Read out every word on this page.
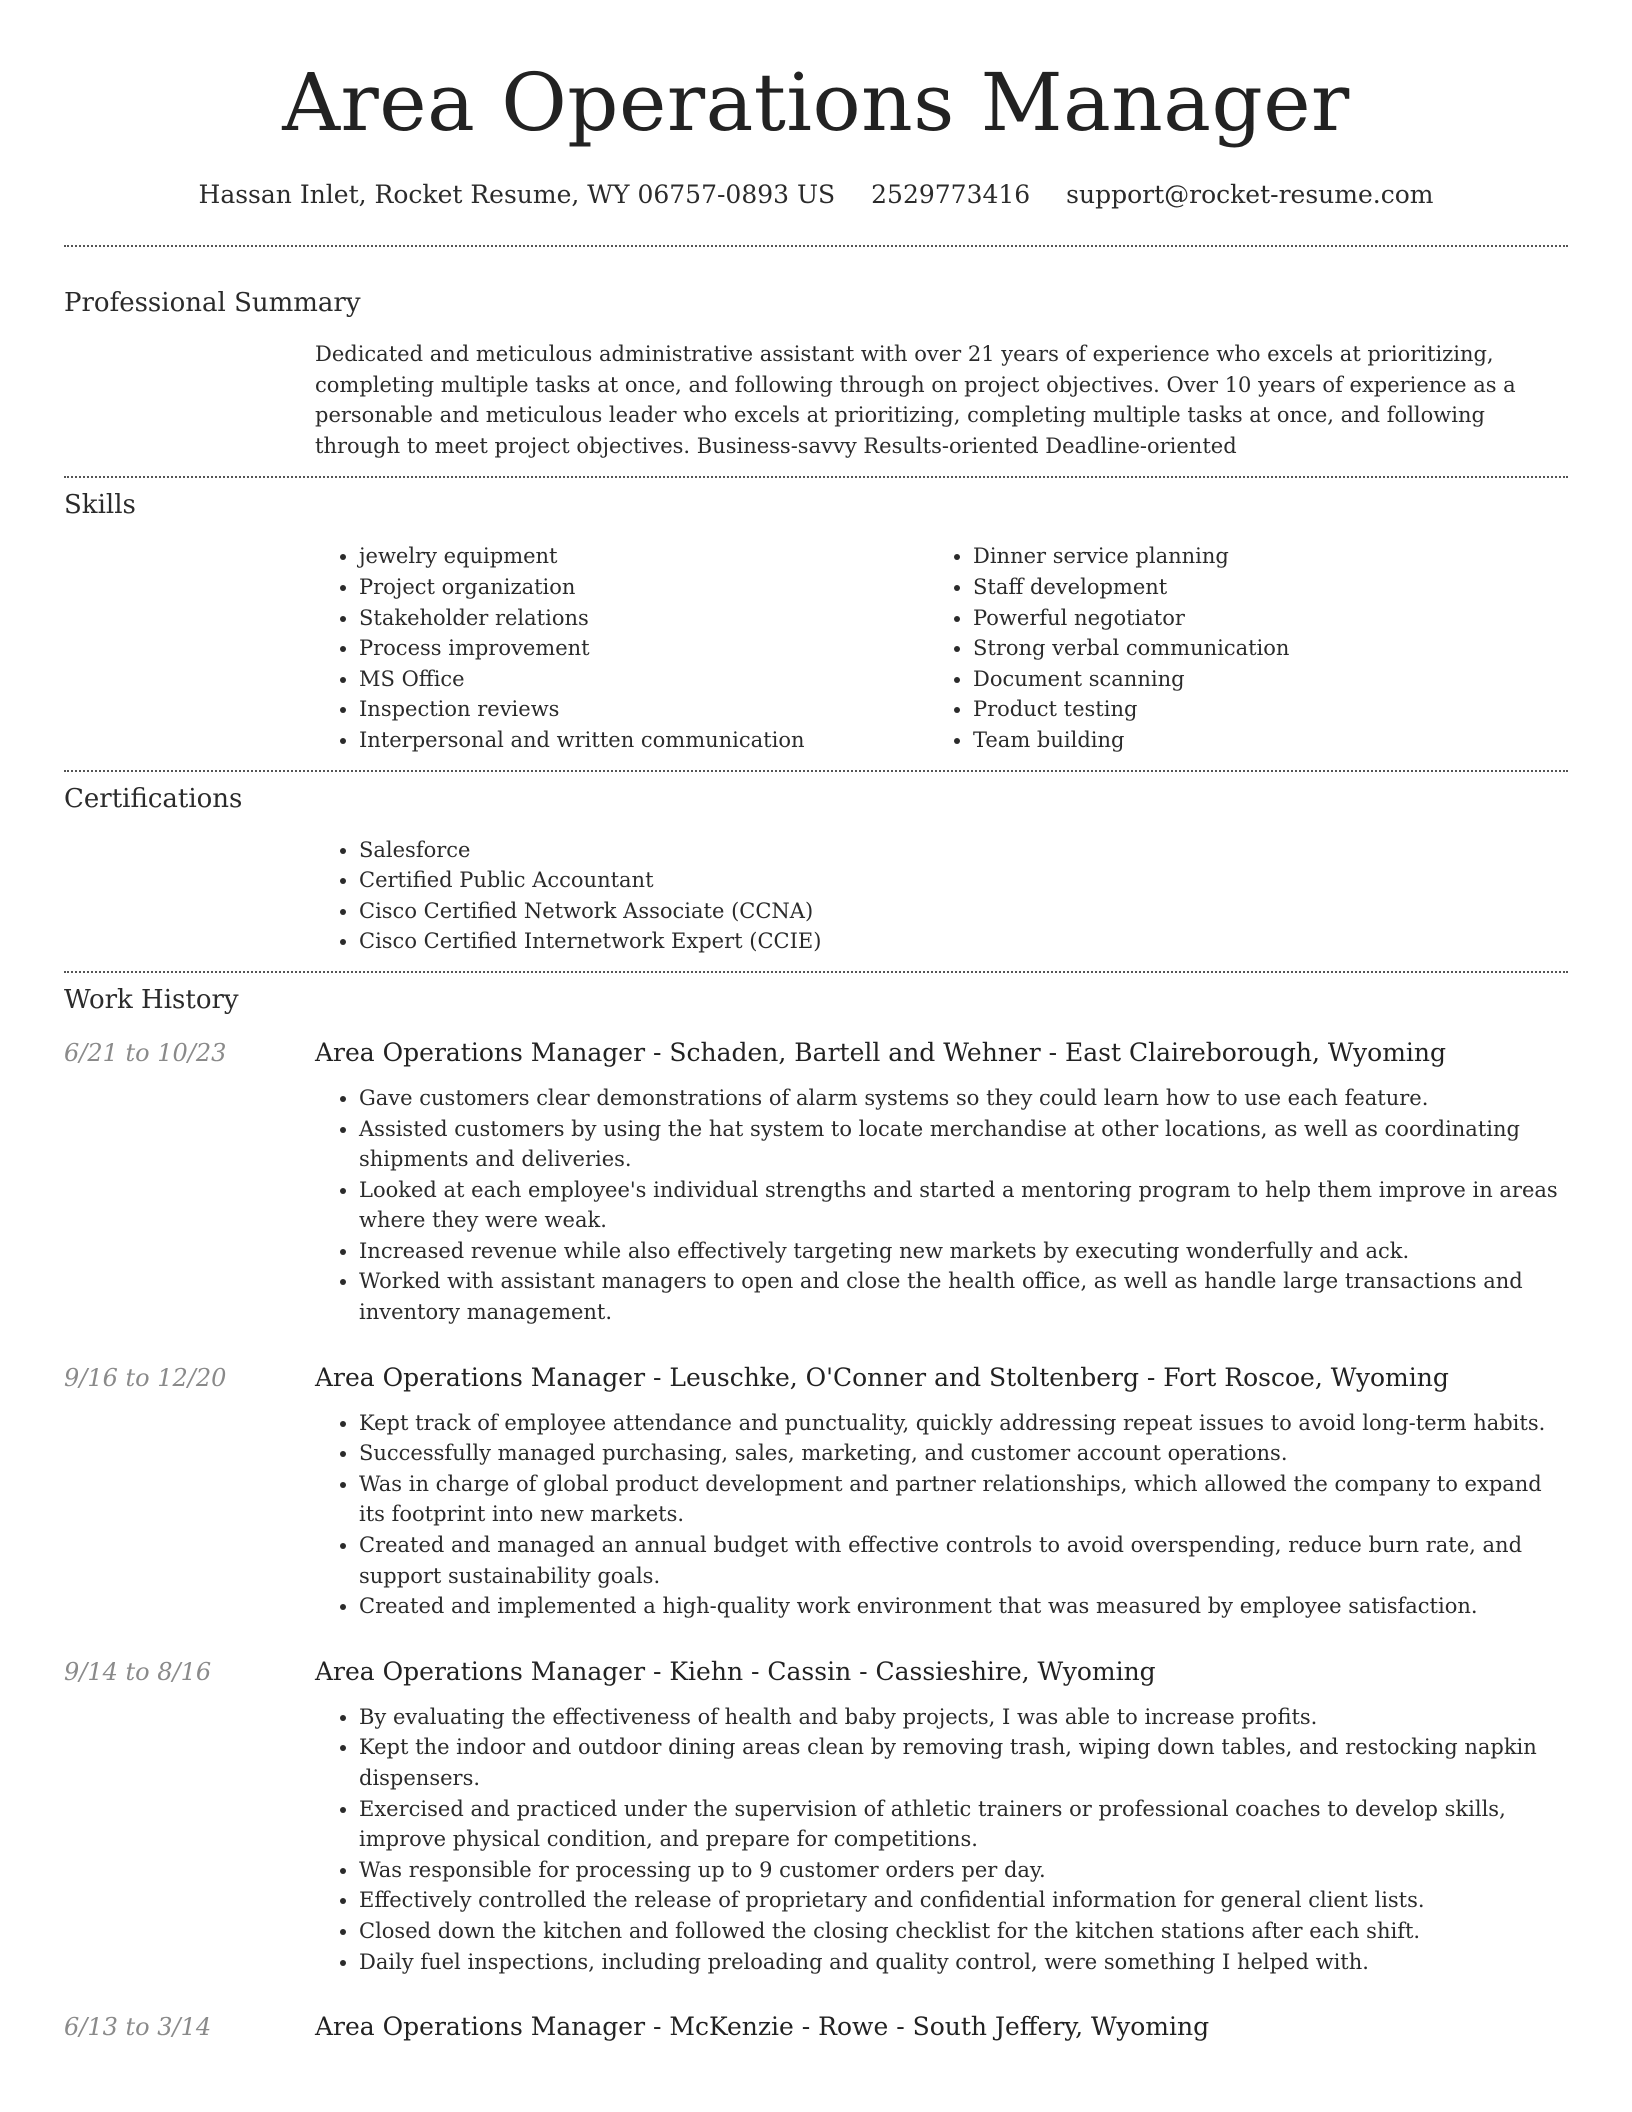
Area Operations Manager
Hassan Inlet, Rocket Resume, WY 06757-0893 US 2529773416 support@rocket-resume.com
Professional Summary
Dedicated and meticulous administrative assistant with over 21 years of experience who excels at prioritizing, completing multiple tasks at once, and following through on project objectives. Over 10 years of experience as a personable and meticulous leader who excels at prioritizing, completing multiple tasks at once, and following through to meet project objectives. Business-savvy Results-oriented Deadline-oriented
Skills
• jewelry equipment
• Project organization
• Stakeholder relations
• Process improvement
• MS Office
• Inspection reviews
• Interpersonal and written communication
• Dinner service planning
• Staff development
• Powerful negotiator
• Strong verbal communication
• Document scanning
• Product testing
• Team building
Certifications
• Salesforce
• Certified Public Accountant
• Cisco Certified Network Associate (CCNA)
• Cisco Certified Internetwork Expert (CCIE)
Work History
6/21 to 10/23	Area Operations Manager - Schaden, Bartell and Wehner - East Claireborough, Wyoming
• Gave customers clear demonstrations of alarm systems so they could learn how to use each feature.
• Assisted customers by using the hat system to locate merchandise at other locations, as well as coordinating shipments and deliveries.
• Looked at each employee's individual strengths and started a mentoring program to help them improve in areas where they were weak.
• Increased revenue while also effectively targeting new markets by executing wonderfully and ack.
• Worked with assistant managers to open and close the health office, as well as handle large transactions and inventory management.
9/16 to 12/20	Area Operations Manager - Leuschke, O'Conner and Stoltenberg - Fort Roscoe, Wyoming
• Kept track of employee attendance and punctuality, quickly addressing repeat issues to avoid long-term habits.
• Successfully managed purchasing, sales, marketing, and customer account operations.
• Was in charge of global product development and partner relationships, which allowed the company to expand its footprint into new markets.
• Created and managed an annual budget with effective controls to avoid overspending, reduce burn rate, and support sustainability goals.
• Created and implemented a high-quality work environment that was measured by employee satisfaction.
9/14 to 8/16	Area Operations Manager - Kiehn - Cassin - Cassieshire, Wyoming
• By evaluating the effectiveness of health and baby projects, I was able to increase profits.
• Kept the indoor and outdoor dining areas clean by removing trash, wiping down tables, and restocking napkin dispensers.
• Exercised and practiced under the supervision of athletic trainers or professional coaches to develop skills, improve physical condition, and prepare for competitions.
• Was responsible for processing up to 9 customer orders per day.
• Effectively controlled the release of proprietary and confidential information for general client lists.
• Closed down the kitchen and followed the closing checklist for the kitchen stations after each shift.
• Daily fuel inspections, including preloading and quality control, were something I helped with.
6/13 to 3/14	Area Operations Manager - McKenzie - Rowe - South Jeffery, Wyoming
